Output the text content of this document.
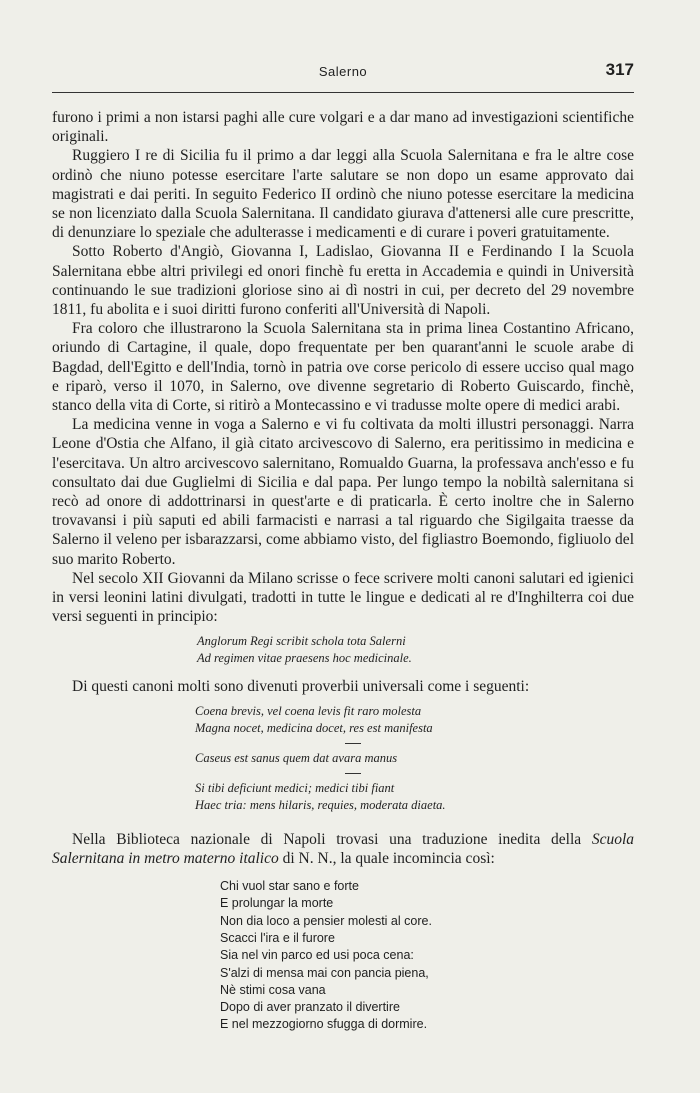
Salerno	317

furono i primi a non istarsi paghi alle cure volgari e a dar mano ad investigazioni scientifiche originali.

Ruggiero I re di Sicilia fu il primo a dar leggi alla Scuola Salernitana e fra le altre cose ordinò che niuno potesse esercitare l'arte salutare se non dopo un esame approvato dai magistrati e dai periti. In seguito Federico II ordinò che niuno potesse esercitare la medicina se non licenziato dalla Scuola Salernitana. Il candidato giurava d'attenersi alle cure prescritte, di denunziare lo speziale che adulterasse i medicamenti e di curare i poveri gratuitamente.

Sotto Roberto d'Angiò, Giovanna I, Ladislao, Giovanna II e Ferdinando I la Scuola Salernitana ebbe altri privilegi ed onori finchè fu eretta in Accademia e quindi in Università continuando le sue tradizioni gloriose sino ai dì nostri in cui, per decreto del 29 novembre 1811, fu abolita e i suoi diritti furono conferiti all'Università di Napoli.

Fra coloro che illustrarono la Scuola Salernitana sta in prima linea Costantino Africano, oriundo di Cartagine, il quale, dopo frequentate per ben quarant'anni le scuole arabe di Bagdad, dell'Egitto e dell'India, tornò in patria ove corse pericolo di essere ucciso qual mago e riparò, verso il 1070, in Salerno, ove divenne segretario di Roberto Guiscardo, finchè, stanco della vita di Corte, si ritirò a Montecassino e vi tradusse molte opere di medici arabi.

La medicina venne in voga a Salerno e vi fu coltivata da molti illustri personaggi. Narra Leone d'Ostia che Alfano, il già citato arcivescovo di Salerno, era peritissimo in medicina e l'esercitava. Un altro arcivescovo salernitano, Romualdo Guarna, la professava anch'esso e fu consultato dai due Guglielmi di Sicilia e dal papa. Per lungo tempo la nobiltà salernitana si recò ad onore di addottrinarsi in quest'arte e di praticarla. È certo inoltre che in Salerno trovavansi i più saputi ed abili farmacisti e narrasi a tal riguardo che Sigilgaita traesse da Salerno il veleno per isbarazzarsi, come abbiamo visto, del figliastro Boemondo, figliuolo del suo marito Roberto.

Nel secolo XII Giovanni da Milano scrisse o fece scrivere molti canoni salutari ed igienici in versi leonini latini divulgati, tradotti in tutte le lingue e dedicati al re d'Inghilterra coi due versi seguenti in principio:

Anglorum Regi scribit schola tota Salerni
Ad regimen vitae praesens hoc medicinale.

Di questi canoni molti sono divenuti proverbii universali come i seguenti:

Coena brevis, vel coena levis fit raro molesta
Magna nocet, medicina docet, res est manifesta
Caseus est sanus quem dat avara manus
Si tibi deficiunt medici; medici tibi fiant
Haec tria: mens hilaris, requies, moderata diaeta.

Nella Biblioteca nazionale di Napoli trovasi una traduzione inedita della Scuola Salernitana in metro materno italico di N. N., la quale incomincia così:

Chi vuol star sano e forte
E prolungar la morte
Non dia loco a pensier molesti al core.
Scacci l'ira e il furore
Sia nel vin parco ed usi poca cena:
S'alzi di mensa mai con pancia piena,
Nè stimi cosa vana
Dopo di aver pranzato il divertire
E nel mezzogiorno sfugga di dormire.
